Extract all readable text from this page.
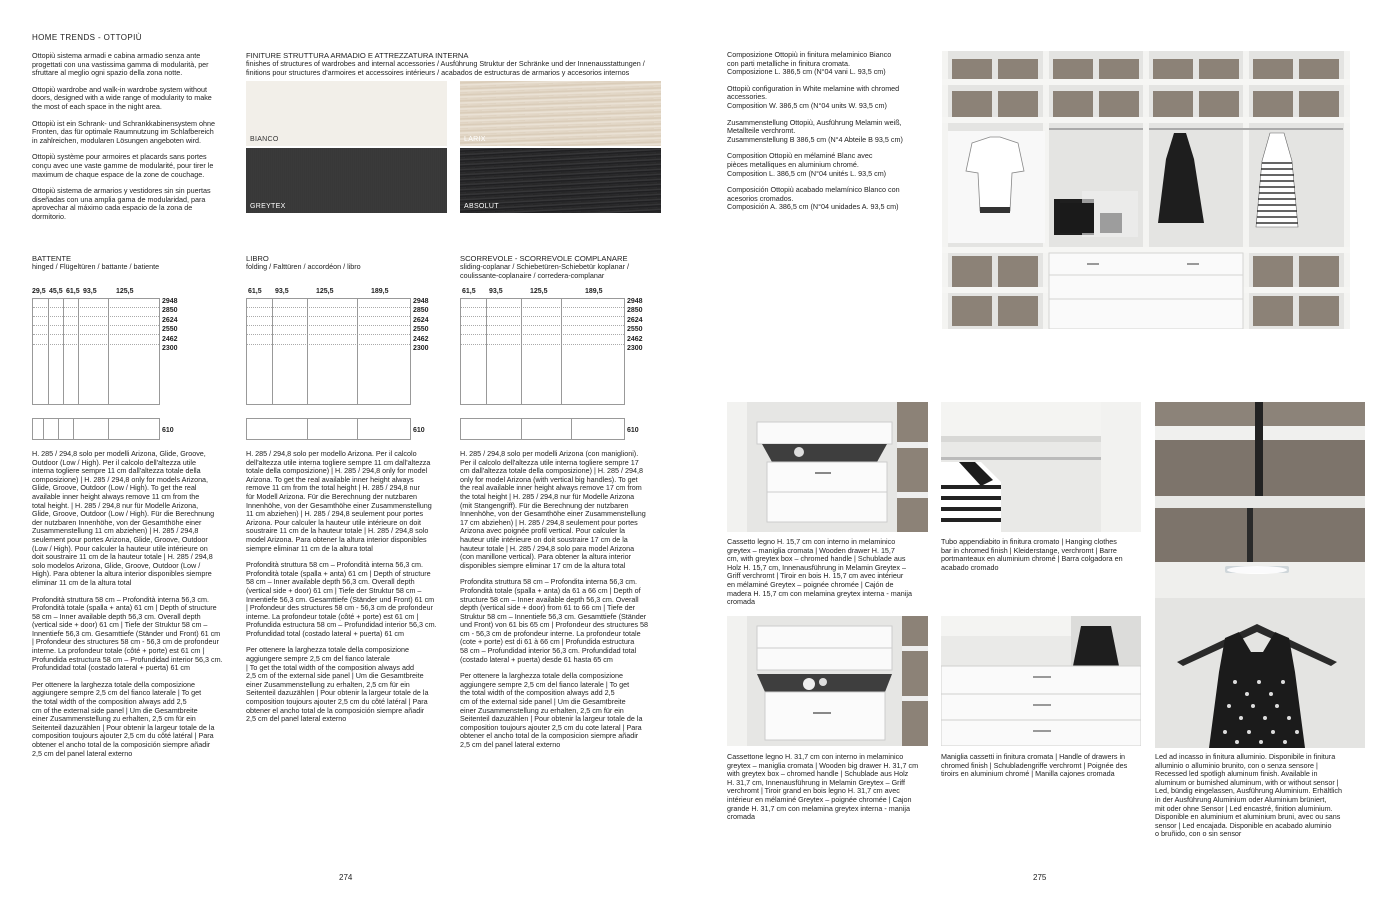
HOME TRENDS - OTTOPIÙ
Ottopiù sistema armadi e cabina armadio senza ante
progettati con una vastissima gamma di modularità, per
sfruttare al meglio ogni spazio della zona notte.
Ottopiù wardrobe and walk-in wardrobe system without
doors, designed with a wide range of modularity to make
the most of each space in the night area.
Ottopiù ist ein Schrank- und Schrankkabinensystem ohne
Fronten, das für optimale Raumnutzung im Schlafbereich
in zahlreichen, modularen Lösungen angeboten wird.
Ottopiù système pour armoires et placards sans portes
conçu avec une vaste gamme de modularité, pour tirer le
maximum de chaque espace de la zone de couchage.
Ottopiù sistema de armarios y vestidores sin sin puertas
diseñadas con una amplia gama de modularidad, para
aprovechar al máximo cada espacio de la zona de
dormitorio.
FINITURE STRUTTURA ARMADIO E ATTREZZATURA INTERNA
finishes of structures of wardrobes and internal accessories / Ausführung Struktur der Schränke und der Innenausstattungen /
finitions pour structures d'armoires et accessoires intérieurs / acabados de estructuras de armarios y accesorios internos
BIANCO	LARIX
GREYTEX	ABSOLUT
BATTENTE
hinged / Flügeltüren / battante / batiente
LIBRO
folding / Falttüren / accordéon / libro
SCORREVOLE - SCORREVOLE COMPLANARE
sliding-coplanar / Schiebetüren-Schiebetür koplanar /
coulissante-coplanaire / corredera-complanar
29,5 45,5 61,5 93,5	125,5	61,5 93,5	125,5	189,5	61,5 93,5	125,5	189,5
2948
2850
2624
2550
2462
2300
2948
2850
2624
2550
2462
2300
2948
2850
2624
2550
2462
2300
610	610	610
H. 285 / 294,8 solo per modelli Arizona, Glide, Groove,
Outdoor (Low / High). Per il calcolo dell'altezza utile
interna togliere sempre 11 cm dall'altezza totale della
composizione) | H. 285 / 294,8 only for models Arizona,
Glide, Groove, Outdoor (Low / High). To get the real
available inner height always remove 11 cm from the
total height. | H. 285 / 294,8 nur für Modelle Arizona,
Glide, Groove, Outdoor (Low / High). Für die Berechnung
der nutzbaren Innenhöhe, von der Gesamthöhe einer
Zusammenstellung 11 cm abziehen) | H. 285 / 294,8
seulement pour portes Arizona, Glide, Groove, Outdoor
(Low / High). Pour calculer la hauteur utile intérieure on
doit soustraire 11 cm de la hauteur totale | H. 285 / 294,8
solo modelos Arizona, Glide, Groove, Outdoor (Low /
High). Para obtener la altura interior disponibles siempre
eliminar 11 cm de la altura total
Profondità struttura 58 cm – Profondità interna 56,3 cm.
Profondità totale (spalla + anta) 61 cm | Depth of structure
58 cm – Inner available depth 56,3 cm. Overall depth
(vertical side + door) 61 cm | Tiefe der Struktur 58 cm –
Innentiefe 56,3 cm. Gesamttiefe (Ständer und Front) 61 cm
| Profondeur des structures 58 cm - 56,3 cm de profondeur
interne. La profondeur totale (côté + porte) est 61 cm |
Profundida estructura 58 cm – Profundidad interior 56,3 cm.
Profundidad total (costado lateral + puerta) 61 cm
Per ottenere la larghezza totale della composizione
aggiungere sempre 2,5 cm del fianco laterale | To get
the total width of the composition always add 2,5
cm of the external side panel | Um die Gesamtbreite
einer Zusammenstellung zu erhalten, 2,5 cm für ein
Seitenteil dazuzählen | Pour obtenir la largeur totale de la
composition toujours ajouter 2,5 cm du côté latéral | Para
obtener el ancho total de la composición siempre añadir
2,5 cm del panel lateral externo
H. 285 / 294,8 solo per modello Arizona. Per il calcolo
dell'altezza utile interna togliere sempre 11 cm dall'altezza
totale della composizione) | H. 285 / 294,8 only for model
Arizona. To get the real available inner height always
remove 11 cm from the total height | H. 285 / 294,8 nur
für Modell Arizona. Für die Berechnung der nutzbaren
Innenhöhe, von der Gesamthöhe einer Zusammenstellung
11 cm abziehen) | H. 285 / 294,8 seulement pour portes
Arizona. Pour calculer la hauteur utile intérieure on doit
soustraire 11 cm de la hauteur totale | H. 285 / 294,8 solo
model Arizona. Para obtener la altura interior disponibles
siempre eliminar 11 cm de la altura total
Profondità struttura 58 cm – Profondità interna 56,3 cm.
Profondità totale (spalla + anta) 61 cm | Depth of structure
58 cm – Inner available depth 56,3 cm. Overall depth
(vertical side + door) 61 cm | Tiefe der Struktur 58 cm –
Innentiefe 56,3 cm. Gesamttiefe (Ständer und Front) 61 cm
| Profondeur des structures 58 cm - 56,3 cm de profondeur
interne. La profondeur totale (côté + porte) est 61 cm |
Profundida estructura 58 cm – Profundidad interior 56,3 cm.
Profundidad total (costado lateral + puerta) 61 cm
Per ottenere la larghezza totale della composizione
aggiungere sempre 2,5 cm del fianco laterale
| To get the total width of the composition always add
2,5 cm of the external side panel | Um die Gesamtbreite
einer Zusammenstellung zu erhalten, 2,5 cm für ein
Seitenteil dazuzählen | Pour obtenir la largeur totale de la
composition toujours ajouter 2,5 cm du côté latéral | Para
obtener el ancho total de la composición siempre añadir
2,5 cm del panel lateral externo
H. 285 / 294,8 solo per modelli Arizona (con maniglioni).
Per il calcolo dell'altezza utile interna togliere sempre 17
cm dall'altezza totale della composizione) | H. 285 / 294,8
only for model Arizona (with vertical big handles). To get
the real available inner height always remove 17 cm from
the total height | H. 285 / 294,8 nur für Modelle Arizona
(mit Stangengriff). Für die Berechnung der nutzbaren
Innenhöhe, von der Gesamthöhe einer Zusammenstellung
17 cm abziehen) | H. 285 / 294,8 seulement pour portes
Arizona avec poignée profil vertical. Pour calculer la
hauteur utile intérieure on doit soustraire 17 cm de la
hauteur totale | H. 285 / 294,8 solo para model Arizona
(con manillone vertical). Para obtener la altura interior
disponibles siempre eliminar 17 cm de la altura total
Profondita struttura 58 cm – Profondita interna 56,3 cm.
Profondità totale (spalla + anta) da 61 a 66 cm | Depth of
structure 58 cm – Inner available depth 56,3 cm. Overall
depth (vertical side + door) from 61 to 66 cm | Tiefe der
Struktur 58 cm – Innentiefe 56,3 cm. Gesamttiefe (Ständer
und Front) von 61 bis 65 cm | Profondeur des structures 58
cm - 56,3 cm de profondeur interne. La profondeur totale
(cote + porte) est di 61 à 66 cm | Profundida estructura
58 cm – Profundidad interior 56,3 cm. Profundidad total
(costado lateral + puerta) desde 61 hasta 65 cm
Per ottenere la larghezza totale della composizione
aggiungere sempre 2,5 cm del fianco laterale | To get
the total width of the composition always add 2,5
cm of the external side panel | Um die Gesamtbreite
einer Zusammenstellung zu erhalten, 2,5 cm für ein
Seitenteil dazuzählen | Pour obtenir la largeur totale de la
composition toujours ajouter 2,5 cm du cote lateral | Para
obtener el ancho total de la composicion siempre añadir
2,5 cm del panel lateral externo
Composizione Ottopiù in finitura melaminico Bianco
con parti metalliche in finitura cromata.
Composizione L. 386,5 cm (N°04 vani L. 93,5 cm)
Ottopiù configuration in White melamine with chromed
accessories.
Composition W. 386,5 cm (N°04 units W. 93,5 cm)
Zusammenstellung Ottopiù, Ausführung Melamin weiß,
Metallteile verchromt.
Zusammenstellung B 386,5 cm (N°4 Abteile B 93,5 cm)
Composition Ottopiù en mélaminé Blanc avec
pièces metalliques en aluminium chromé.
Composition L. 386,5 cm (N°04 unités L. 93,5 cm)
Composición Ottopiù acabado melamínico Blanco con
acesorios cromados.
Composición A. 386,5 cm (N°04 unidades A. 93,5 cm)
Cassetto legno H. 15,7 cm con interno in melaminico
greytex – maniglia cromata | Wooden drawer H. 15,7
cm, with greytex box – chromed handle | Schublade aus
Holz H. 15,7 cm, Innenausführung in Melamin Greytex –
Griff verchromt | Tiroir en bois H. 15,7 cm avec intérieur
en mélaminé Greytex – poignée chromée | Cajón de
madera H. 15,7 cm con melamina greytex interna - manija
cromada
Tubo appendiabito in finitura cromato | Hanging clothes
bar in chromed finish | Kleiderstange, verchromt | Barre
portmanteaux en aluminium chromé | Barra colgadora en
acabado cromado
Cassettone legno H. 31,7 cm con interno in melaminico
greytex – maniglia cromata | Wooden big drawer H. 31,7 cm
with greytex box – chromed handle | Schublade aus Holz
H. 31,7 cm, Innenausführung in Melamin Greytex – Griff
verchromt | Tiroir grand en bois legno H. 31,7 cm avec
intérieur en mélaminé Greytex – poignée chromée | Cajon
grande H. 31,7 cm con melamina greytex interna - manija
cromada
Maniglia cassetti in finitura cromata | Handle of drawers in
chromed finish | Schubladengriffe verchromt | Poignée des
tiroirs en aluminium chromé | Manilla cajones cromada
Led ad incasso in finitura alluminio. Disponibile in finitura
alluminio o alluminio brunito, con o senza sensore |
Recessed led spotligh aluminum finish. Available in
aluminum or burnished aluminum, with or without sensor |
Led, bündig eingelassen, Ausführung Aluminium. Erhältlich
in der Ausführung Aluminium oder Aluminium brüniert,
mit oder ohne Sensor | Led encastré, finition aluminium.
Disponible en aluminium et aluminium bruni, avec ou sans
sensor | Led encajada. Disponible en acabado aluminio
o bruñido, con o sin sensor
274	275
